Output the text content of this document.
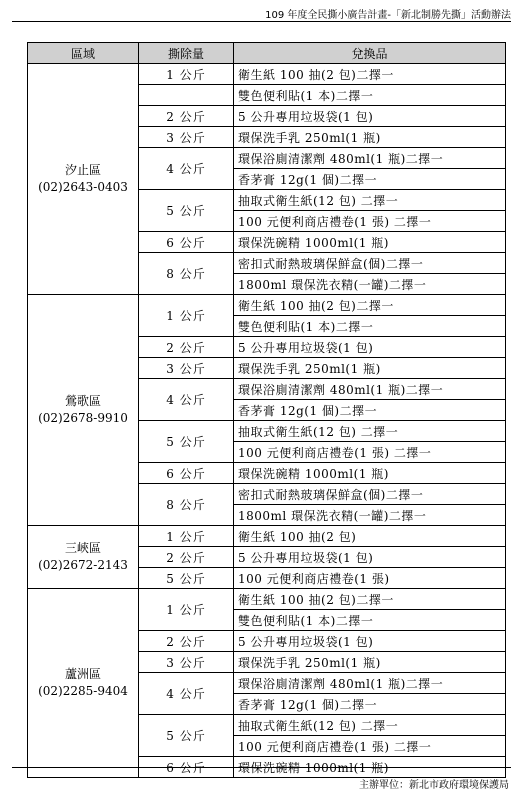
109 年度全民撕小廣告計畫-「新北制勝先撕」活動辦法
區域	撕除量	兌換品

汐止區
(02)2643-0403	1 公斤	衛生紙 100 抽(2 包)二擇一
		雙色便利貼(1 本)二擇一
	2 公斤	5 公升專用垃圾袋(1 包)
	3 公斤	環保洗手乳 250ml(1 瓶)
	4 公斤	環保浴廁清潔劑 480ml(1 瓶)二擇一
		香茅膏 12g(1 個)二擇一
	5 公斤	抽取式衛生紙(12 包) 二擇一
		100 元便利商店禮卷(1 張) 二擇一
	6 公斤	環保洗碗精 1000ml(1 瓶)
	8 公斤	密扣式耐熱玻璃保鮮盒(個)二擇一
		1800ml 環保洗衣精(一罐)二擇一

鶯歌區
(02)2678-9910	1 公斤	衛生紙 100 抽(2 包)二擇一
		雙色便利貼(1 本)二擇一
	2 公斤	5 公升專用垃圾袋(1 包)
	3 公斤	環保洗手乳 250ml(1 瓶)
	4 公斤	環保浴廁清潔劑 480ml(1 瓶)二擇一
		香茅膏 12g(1 個)二擇一
	5 公斤	抽取式衛生紙(12 包) 二擇一
		100 元便利商店禮卷(1 張) 二擇一
	6 公斤	環保洗碗精 1000ml(1 瓶)
	8 公斤	密扣式耐熱玻璃保鮮盒(個)二擇一
		1800ml 環保洗衣精(一罐)二擇一

三峽區
(02)2672-2143	1 公斤	衛生紙 100 抽(2 包)
	2 公斤	5 公升專用垃圾袋(1 包)
	5 公斤	100 元便利商店禮卷(1 張)

蘆洲區
(02)2285-9404	1 公斤	衛生紙 100 抽(2 包)二擇一
		雙色便利貼(1 本)二擇一
	2 公斤	5 公升專用垃圾袋(1 包)
	3 公斤	環保洗手乳 250ml(1 瓶)
	4 公斤	環保浴廁清潔劑 480ml(1 瓶)二擇一
		香茅膏 12g(1 個)二擇一
	5 公斤	抽取式衛生紙(12 包) 二擇一
		100 元便利商店禮卷(1 張) 二擇一
	6 公斤	環保洗碗精 1000ml(1 瓶)
主辦單位：新北市政府環境保護局
